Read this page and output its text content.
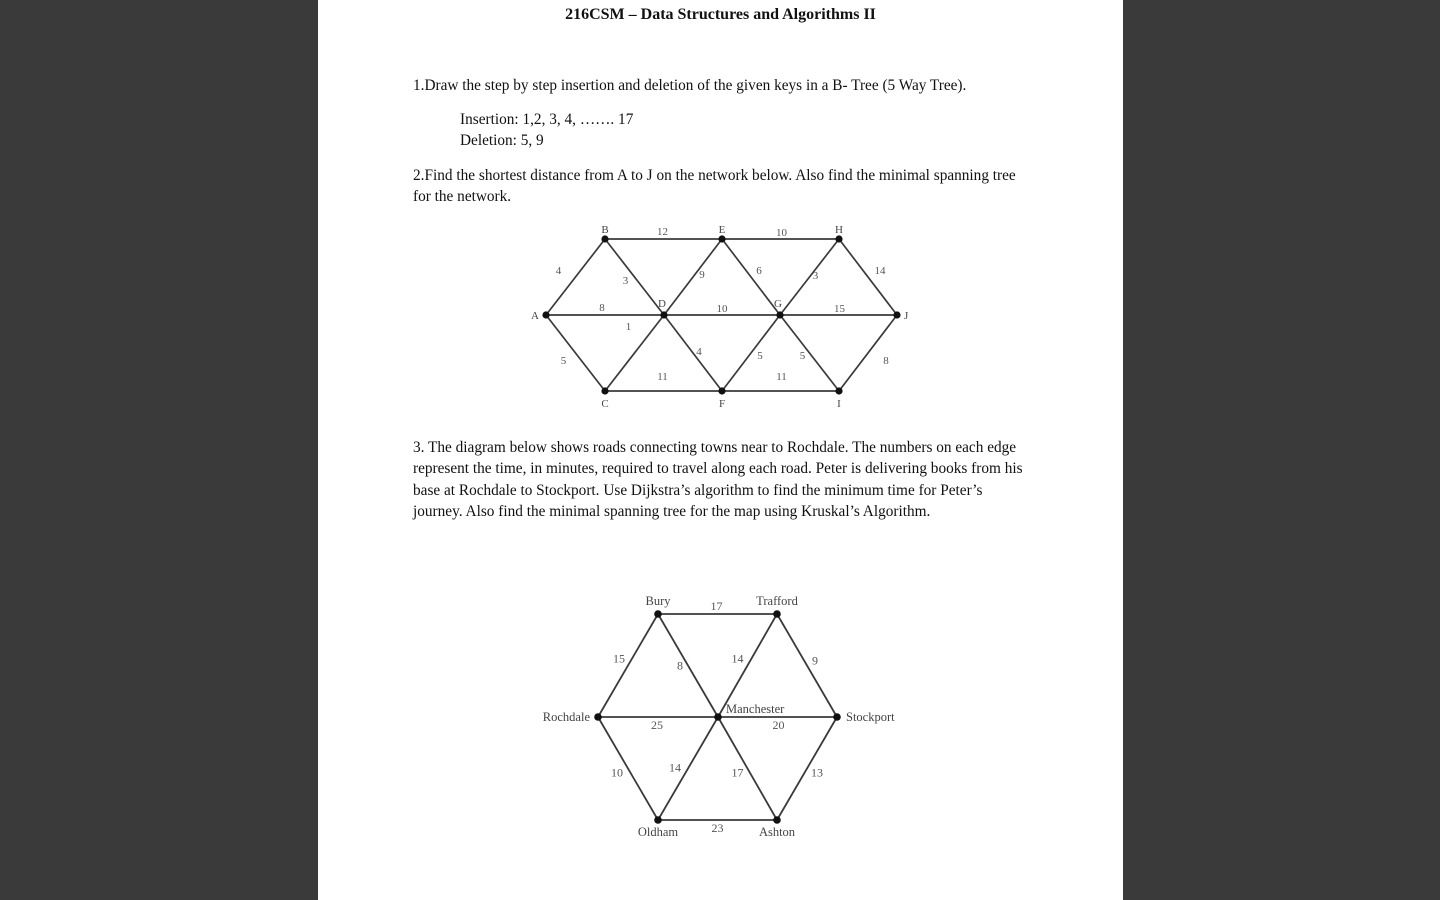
216CSM – Data Structures and Algorithms II
1.Draw the step by step insertion and deletion of the given keys in a B- Tree (5 Way Tree).
Insertion: 1,2, 3, 4, ……. 17
Deletion: 5, 9
2.Find the shortest distance from A to J on the network below. Also find the minimal spanning tree for the network.
4
8
5
3
12
1
11
9
10
4
6
10
5
11
3
15
5
14
8
A
B
C
D
E
F
G
H
I
J
3. The diagram below shows roads connecting towns near to Rochdale. The numbers on each edge represent the time, in minutes, required to travel along each road. Peter is delivering books from his base at Rochdale to Stockport. Use Dijkstra’s algorithm to find the minimum time for Peter’s journey. Also find the minimal spanning tree for the map using Kruskal’s Algorithm.
17
15	8	14	9
25
10
20
14	17	13
23
Bury	Trafford
Rochdale
Manchester
Stockport
Oldham	Ashton
